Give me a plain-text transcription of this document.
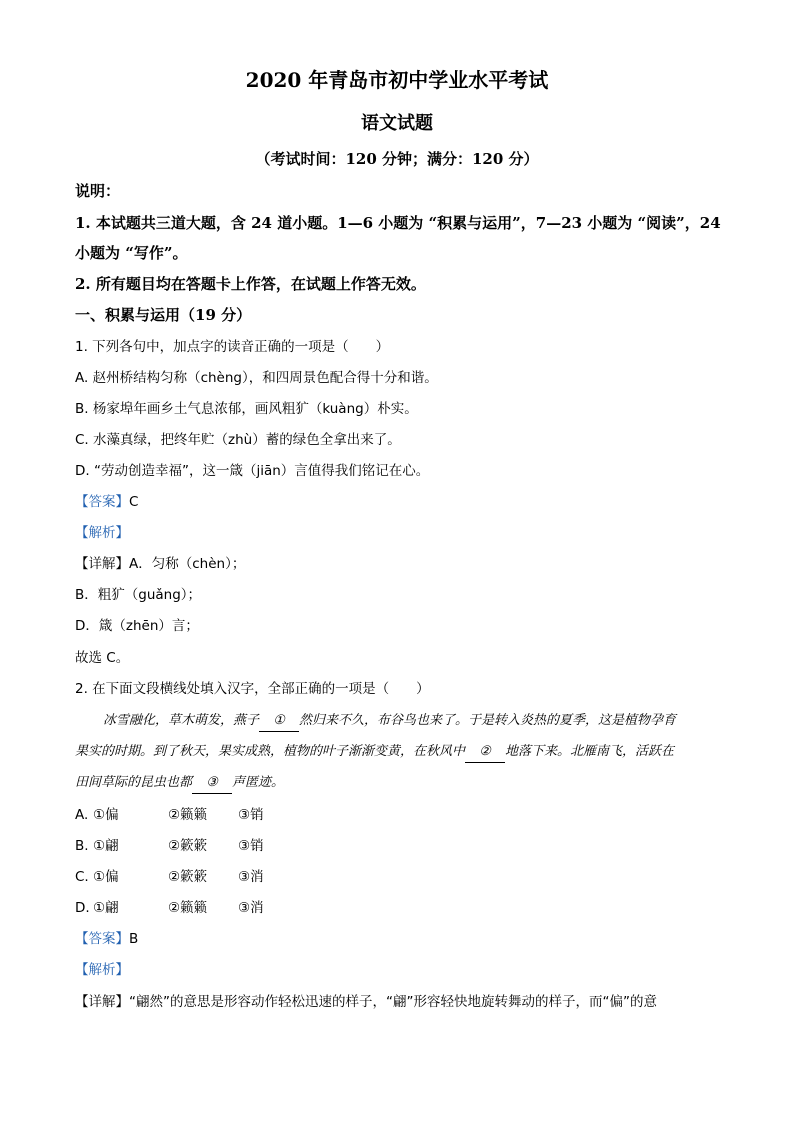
2020 年青岛市初中学业水平考试
语文试题
（考试时间：120 分钟；满分：120 分）
说明：
1. 本试题共三道大题，含 24 道小题。1—6 小题为 “积累与运用”，7—23 小题为 “阅读”，24
小题为 “写作”。
2. 所有题目均在答题卡上作答，在试题上作答无效。
一、积累与运用（19 分）
1. 下列各句中，加点字的读音正确的一项是（　　）
A. 赵州桥结构匀称（chèng），和四周景色配合得十分和谐。
B. 杨家埠年画乡土气息浓郁，画风粗犷（kuàng）朴实。
C. 水藻真绿，把终年贮（zhù）蓄的绿色全拿出来了。
D. “劳动创造幸福”，这一箴（jiān）言值得我们铭记在心。
【答案】C
【解析】
【详解】A．匀称（chèn）；
B．粗犷（guǎng）；
D．箴（zhēn）言；
故选 C。
2. 在下面文段横线处填入汉字，全部正确的一项是（　　）
冰雪融化，草木萌发，燕子 ① 然归来不久，布谷鸟也来了。于是转入炎热的夏季，这是植物孕育
果实的时期。到了秋天，果实成熟，植物的叶子渐渐变黄，在秋风中 ② 地落下来。北雁南飞，活跃在
田间草际的昆虫也都 ③ 声匿迹。
A. ①偏	②籁籁 ③销
B. ①翩	②簌簌 ③销
C. ①偏	②簌簌 ③消
D. ①翩	②籁籁 ③消
【答案】B
【解析】
【详解】“翩然”的意思是形容动作轻松迅速的样子，“翩”形容轻快地旋转舞动的样子，而“偏”的意
